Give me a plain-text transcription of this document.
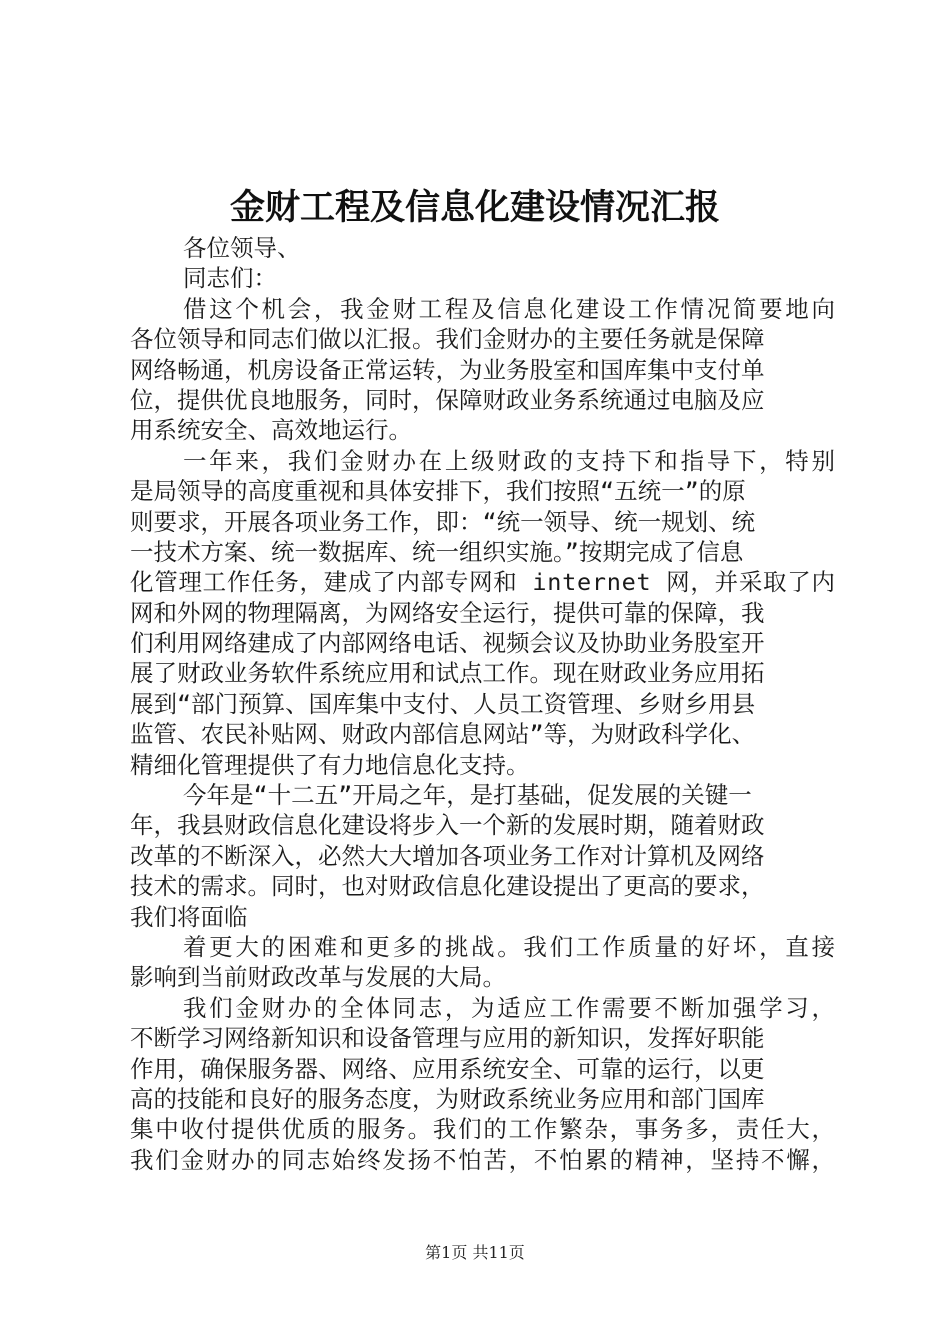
金财工程及信息化建设情况汇报
各位领导、
同志们：
借这个机会，我金财工程及信息化建设工作情况简要地向
各位领导和同志们做以汇报。我们金财办的主要任务就是保障
网络畅通，机房设备正常运转，为业务股室和国库集中支付单
位，提供优良地服务，同时，保障财政业务系统通过电脑及应
用系统安全、高效地运行。
一年来，我们金财办在上级财政的支持下和指导下，特别
是局领导的高度重视和具体安排下，我们按照“五统一”的原
则要求，开展各项业务工作，即：“统一领导、统一规划、统
一技术方案、统一数据库、统一组织实施。”按期完成了信息
化管理工作任务，建成了内部专网和 internet 网，并采取了内
网和外网的物理隔离，为网络安全运行，提供可靠的保障，我
们利用网络建成了内部网络电话、视频会议及协助业务股室开
展了财政业务软件系统应用和试点工作。现在财政业务应用拓
展到“部门预算、国库集中支付、人员工资管理、乡财乡用县
监管、农民补贴网、财政内部信息网站”等，为财政科学化、
精细化管理提供了有力地信息化支持。
今年是“十二五”开局之年，是打基础，促发展的关键一
年，我县财政信息化建设将步入一个新的发展时期，随着财政
改革的不断深入，必然大大增加各项业务工作对计算机及网络
技术的需求。同时，也对财政信息化建设提出了更高的要求，
我们将面临
着更大的困难和更多的挑战。我们工作质量的好坏，直接
影响到当前财政改革与发展的大局。
我们金财办的全体同志，为适应工作需要不断加强学习，
不断学习网络新知识和设备管理与应用的新知识，发挥好职能
作用，确保服务器、网络、应用系统安全、可靠的运行，以更
高的技能和良好的服务态度，为财政系统业务应用和部门国库
集中收付提供优质的服务。我们的工作繁杂，事务多，责任大，
我们金财办的同志始终发扬不怕苦，不怕累的精神，坚持不懈，
第1页 共11页
